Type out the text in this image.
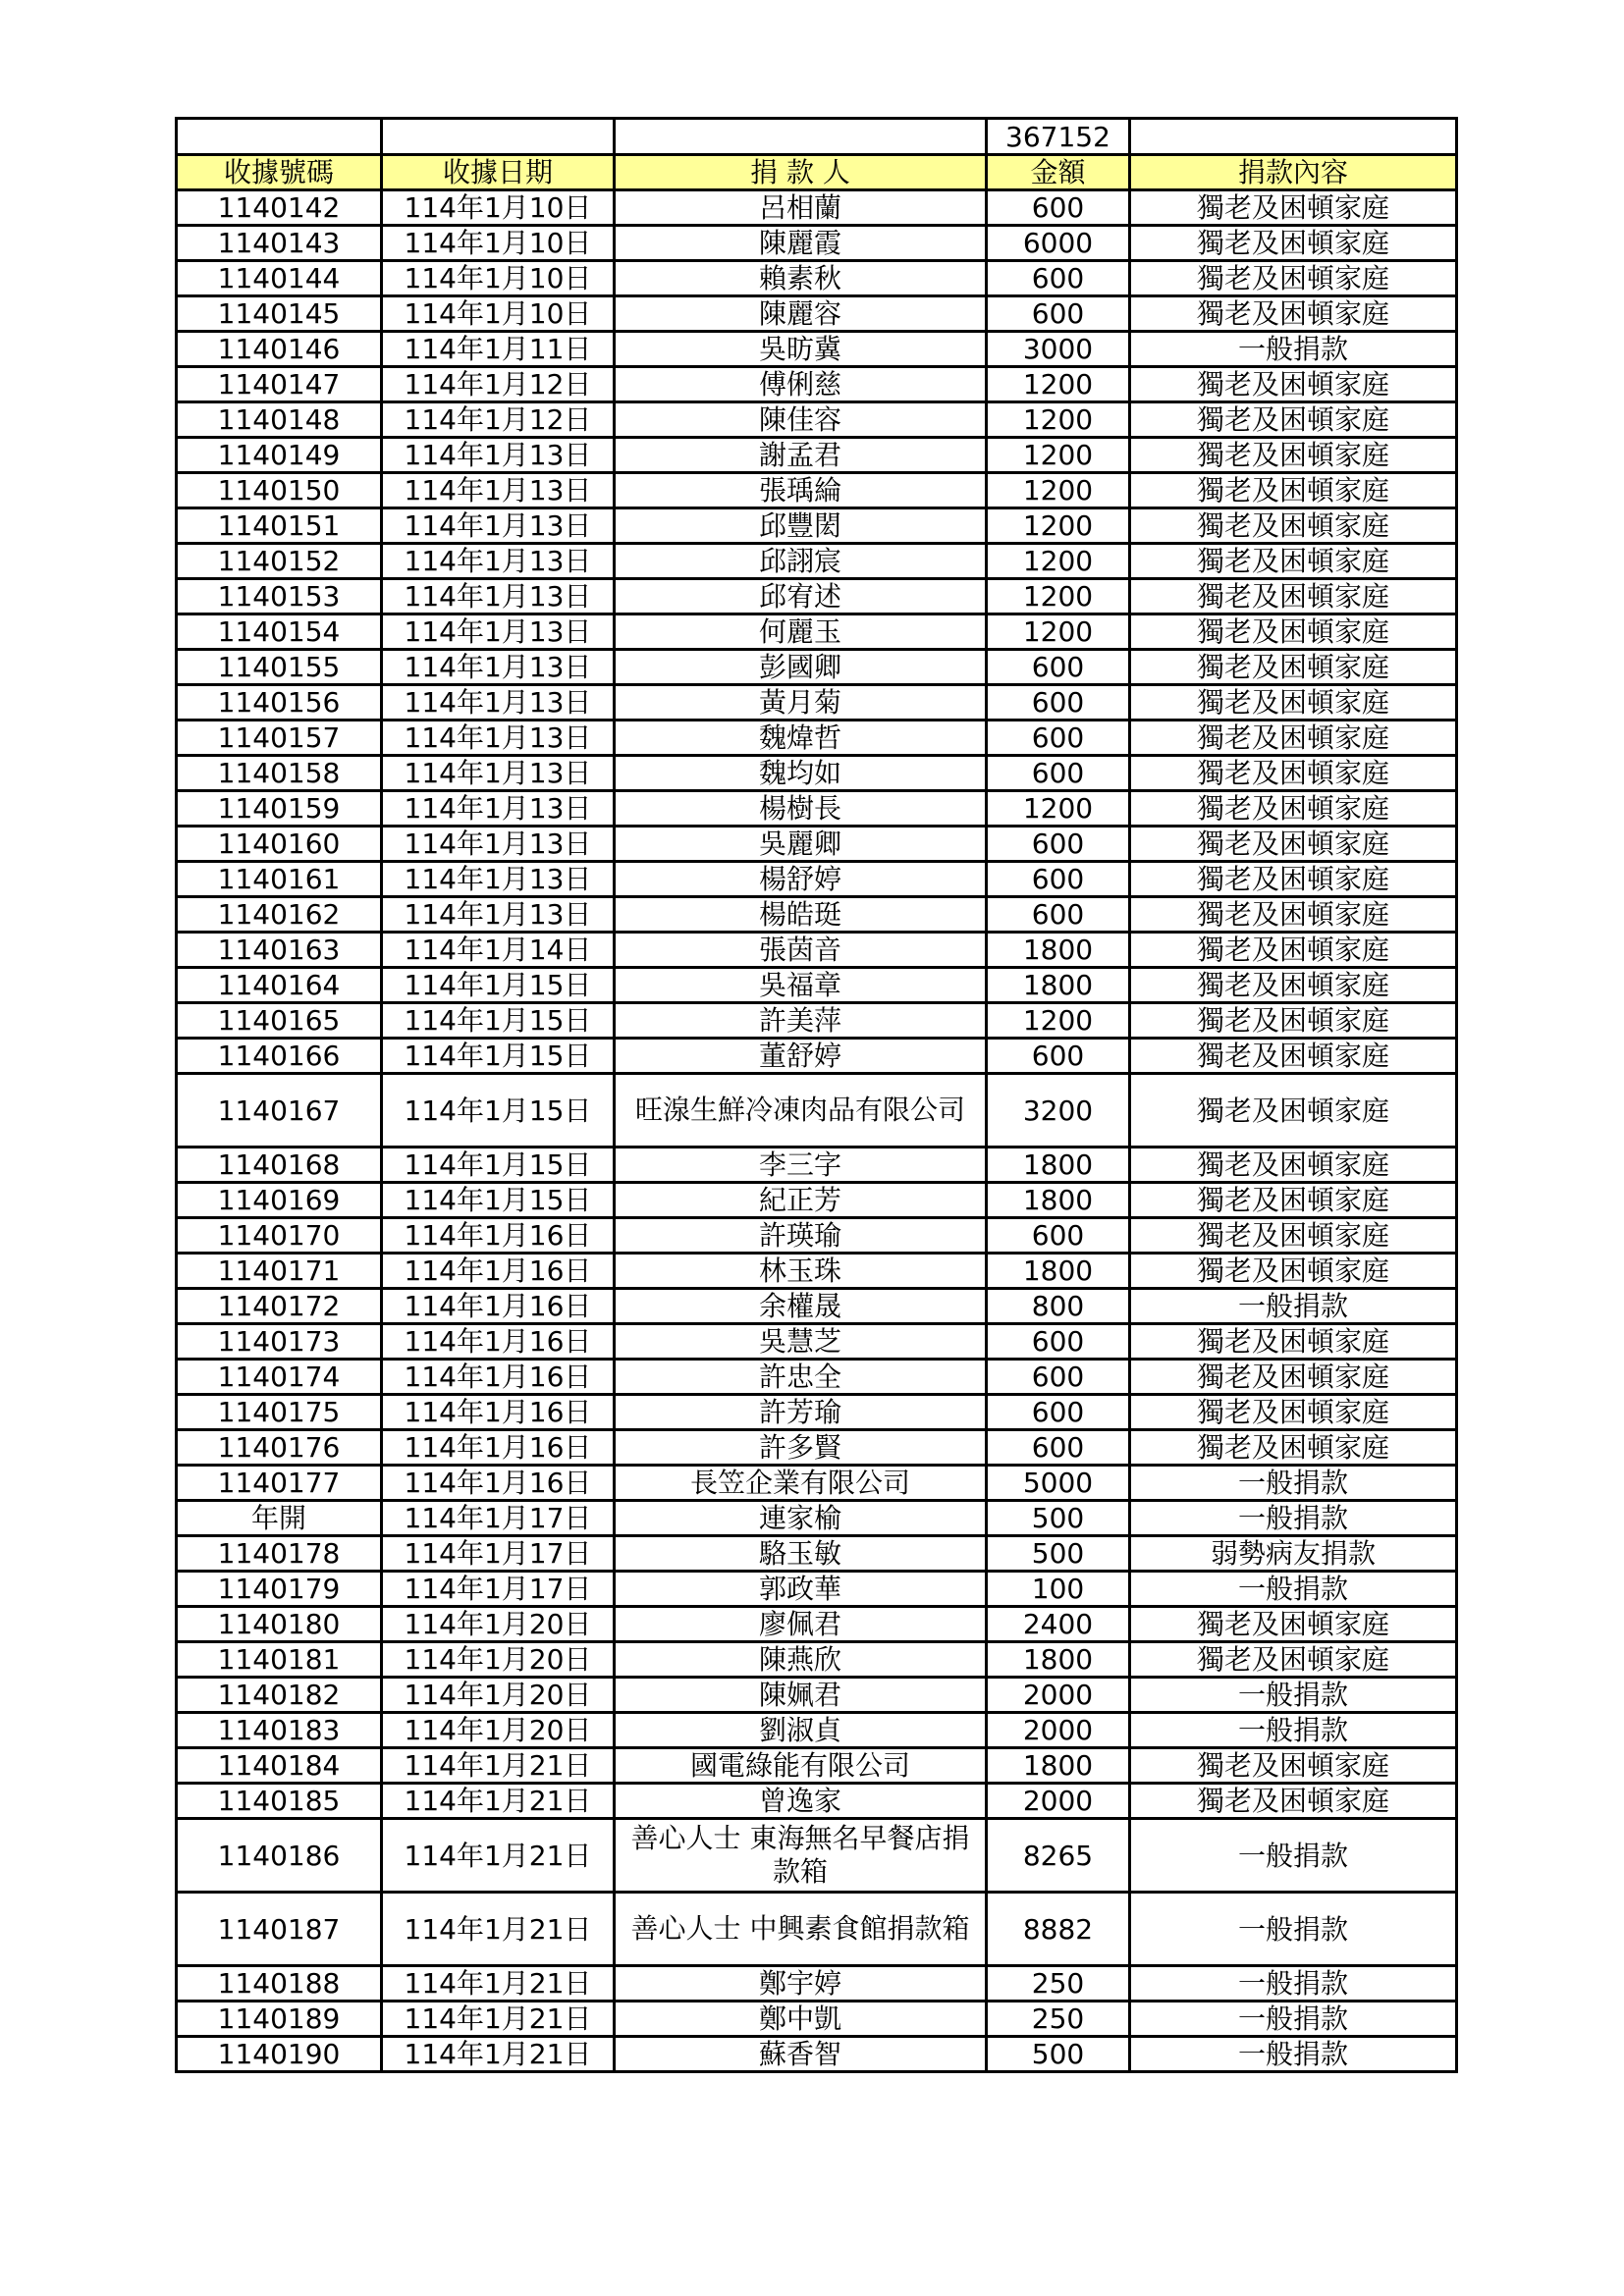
			367152	
收據號碼	收據日期	捐 款 人	金額	捐款內容
1140142	114年1月10日	呂相蘭	600	獨老及困頓家庭
1140143	114年1月10日	陳麗霞	6000	獨老及困頓家庭
1140144	114年1月10日	賴素秋	600	獨老及困頓家庭
1140145	114年1月10日	陳麗容	600	獨老及困頓家庭
1140146	114年1月11日	吳昉冀	3000	一般捐款
1140147	114年1月12日	傅俐慈	1200	獨老及困頓家庭
1140148	114年1月12日	陳佳容	1200	獨老及困頓家庭
1140149	114年1月13日	謝孟君	1200	獨老及困頓家庭
1140150	114年1月13日	張瑀綸	1200	獨老及困頓家庭
1140151	114年1月13日	邱豐閎	1200	獨老及困頓家庭
1140152	114年1月13日	邱詡宸	1200	獨老及困頓家庭
1140153	114年1月13日	邱宥述	1200	獨老及困頓家庭
1140154	114年1月13日	何麗玉	1200	獨老及困頓家庭
1140155	114年1月13日	彭國卿	600	獨老及困頓家庭
1140156	114年1月13日	黃月菊	600	獨老及困頓家庭
1140157	114年1月13日	魏煒哲	600	獨老及困頓家庭
1140158	114年1月13日	魏均如	600	獨老及困頓家庭
1140159	114年1月13日	楊樹長	1200	獨老及困頓家庭
1140160	114年1月13日	吳麗卿	600	獨老及困頓家庭
1140161	114年1月13日	楊舒婷	600	獨老及困頓家庭
1140162	114年1月13日	楊皓珽	600	獨老及困頓家庭
1140163	114年1月14日	張茵音	1800	獨老及困頓家庭
1140164	114年1月15日	吳福章	1800	獨老及困頓家庭
1140165	114年1月15日	許美萍	1200	獨老及困頓家庭
1140166	114年1月15日	董舒婷	600	獨老及困頓家庭
1140167	114年1月15日	旺湶生鮮冷凍肉品有限公司	3200	獨老及困頓家庭
1140168	114年1月15日	李三字	1800	獨老及困頓家庭
1140169	114年1月15日	紀正芳	1800	獨老及困頓家庭
1140170	114年1月16日	許瑛瑜	600	獨老及困頓家庭
1140171	114年1月16日	林玉珠	1800	獨老及困頓家庭
1140172	114年1月16日	余權晟	800	一般捐款
1140173	114年1月16日	吳慧芝	600	獨老及困頓家庭
1140174	114年1月16日	許忠全	600	獨老及困頓家庭
1140175	114年1月16日	許芳瑜	600	獨老及困頓家庭
1140176	114年1月16日	許多賢	600	獨老及困頓家庭
1140177	114年1月16日	長笠企業有限公司	5000	一般捐款
年開	114年1月17日	連家榆	500	一般捐款
1140178	114年1月17日	駱玉敏	500	弱勢病友捐款
1140179	114年1月17日	郭政華	100	一般捐款
1140180	114年1月20日	廖佩君	2400	獨老及困頓家庭
1140181	114年1月20日	陳燕欣	1800	獨老及困頓家庭
1140182	114年1月20日	陳姵君	2000	一般捐款
1140183	114年1月20日	劉淑貞	2000	一般捐款
1140184	114年1月21日	國電綠能有限公司	1800	獨老及困頓家庭
1140185	114年1月21日	曾逸家	2000	獨老及困頓家庭
1140186	114年1月21日	善心人士 東海無名早餐店捐款箱	8265	一般捐款
1140187	114年1月21日	善心人士 中興素食館捐款箱	8882	一般捐款
1140188	114年1月21日	鄭宇婷	250	一般捐款
1140189	114年1月21日	鄭中凱	250	一般捐款
1140190	114年1月21日	蘇香智	500	一般捐款
